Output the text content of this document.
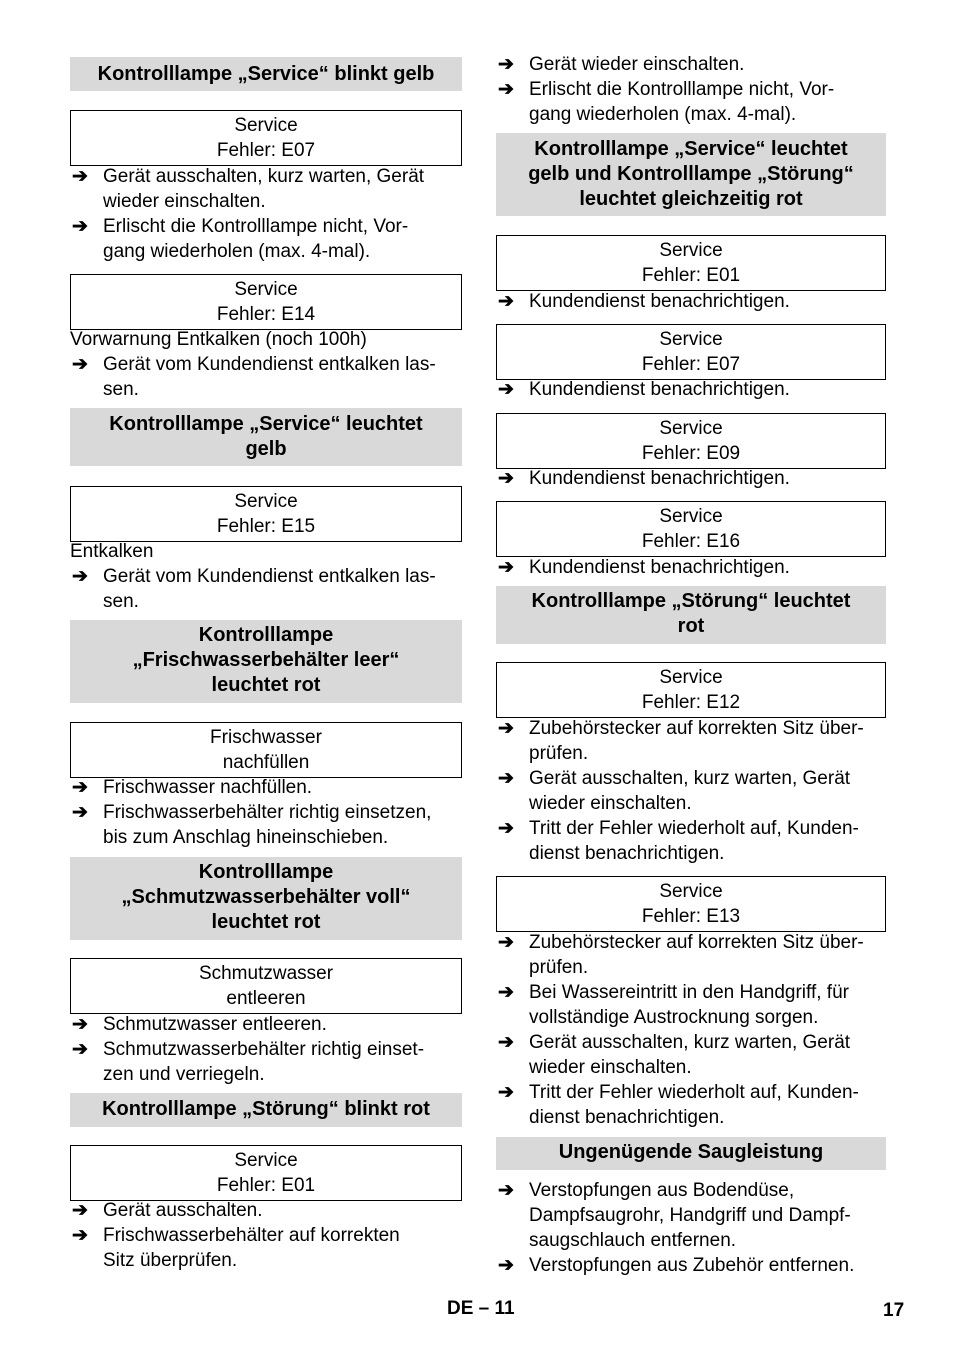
Kontrolllampe „Service“ blinkt gelb
Service
Fehler: E07
➔ Gerät ausschalten, kurz warten, Gerät
wieder einschalten.
➔ Erlischt die Kontrolllampe nicht, Vor-
gang wiederholen (max. 4-mal).
Service
Fehler: E14
Vorwarnung Entkalken (noch 100h)
➔ Gerät vom Kundendienst entkalken las-
sen.
Kontrolllampe „Service“ leuchtet
gelb
Service
Fehler: E15
Entkalken
➔ Gerät vom Kundendienst entkalken las-
sen.
Kontrolllampe
„Frischwasserbehälter leer“
leuchtet rot
Frischwasser
nachfüllen
➔ Frischwasser nachfüllen.
➔ Frischwasserbehälter richtig einsetzen,
bis zum Anschlag hineinschieben.
Kontrolllampe
„Schmutzwasserbehälter voll“
leuchtet rot
Schmutzwasser
entleeren
➔ Schmutzwasser entleeren.
➔ Schmutzwasserbehälter richtig einset-
zen und verriegeln.
Kontrolllampe „Störung“ blinkt rot
Service
Fehler: E01
➔ Gerät ausschalten.
➔ Frischwasserbehälter auf korrekten
Sitz überprüfen.
➔ Gerät wieder einschalten.
➔ Erlischt die Kontrolllampe nicht, Vor-
gang wiederholen (max. 4-mal).
Kontrolllampe „Service“ leuchtet
gelb und Kontrolllampe „Störung“
leuchtet gleichzeitig rot
Service
Fehler: E01
➔ Kundendienst benachrichtigen.
Service
Fehler: E07
➔ Kundendienst benachrichtigen.
Service
Fehler: E09
➔ Kundendienst benachrichtigen.
Service
Fehler: E16
➔ Kundendienst benachrichtigen.
Kontrolllampe „Störung“ leuchtet
rot
Service
Fehler: E12
➔ Zubehörstecker auf korrekten Sitz über-
prüfen.
➔ Gerät ausschalten, kurz warten, Gerät
wieder einschalten.
➔ Tritt der Fehler wiederholt auf, Kunden-
dienst benachrichtigen.
Service
Fehler: E13
➔ Zubehörstecker auf korrekten Sitz über-
prüfen.
➔ Bei Wassereintritt in den Handgriff, für
vollständige Austrocknung sorgen.
➔ Gerät ausschalten, kurz warten, Gerät
wieder einschalten.
➔ Tritt der Fehler wiederholt auf, Kunden-
dienst benachrichtigen.
Ungenügende Saugleistung
➔ Verstopfungen aus Bodendüse,
Dampfsaugrohr, Handgriff und Dampf-
saugschlauch entfernen.
➔ Verstopfungen aus Zubehör entfernen.
DE – 11	17
